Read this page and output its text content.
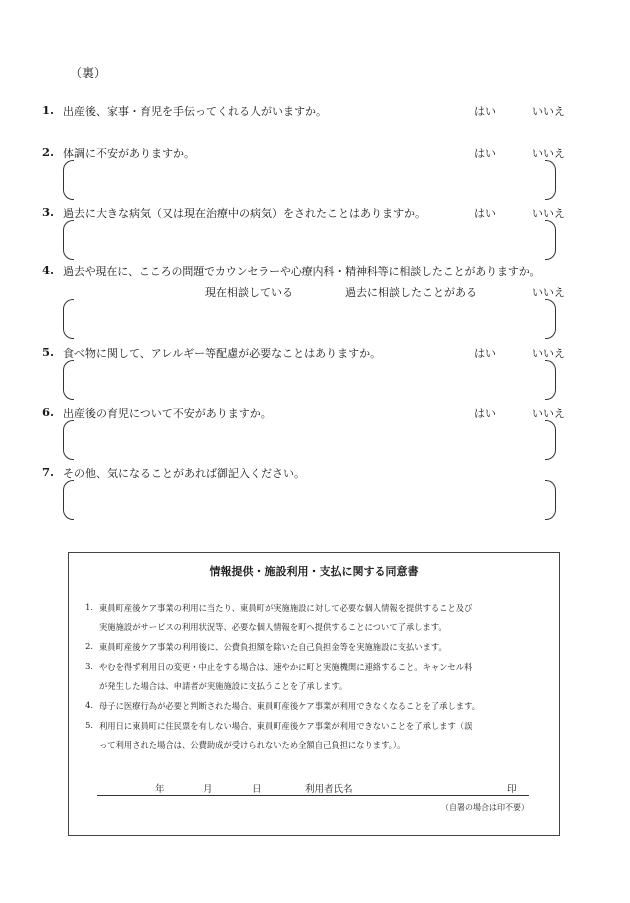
（裏）
1. 出産後、家事・育児を手伝ってくれる人がいますか。	はい	いいえ
2. 体調に不安がありますか。	はい	いいえ
3. 過去に大きな病気（又は現在治療中の病気）をされたことはありますか。	はい	いいえ
4. 過去や現在に、こころの問題でカウンセラーや心療内科・精神科等に相談したことがありますか。
現在相談している	過去に相談したことがある	いいえ
5. 食べ物に関して、アレルギー等配慮が必要なことはありますか。	はい	いいえ
6. 出産後の育児について不安がありますか。	はい	いいえ
7. その他、気になることがあれば御記入ください。
情報提供・施設利用・支払に関する同意書
1. 東員町産後ケア事業の利用に当たり、東員町が実施施設に対して必要な個人情報を提供すること及び
実施施設がサービスの利用状況等、必要な個人情報を町へ提供することについて了承します。
2. 東員町産後ケア事業の利用後に、公費負担額を除いた自己負担金等を実施施設に支払います。
3. やむを得ず利用日の変更・中止をする場合は、速やかに町と実施機関に連絡すること。キャンセル料
が発生した場合は、申請者が実施施設に支払うことを了承します。
4. 母子に医療行為が必要と判断された場合、東員町産後ケア事業が利用できなくなることを了承します。
5. 利用日に東員町に住民票を有しない場合、東員町産後ケア事業が利用できないことを了承します（誤
って利用された場合は、公費助成が受けられないため全額自己負担になります。）。
年	月	日	利用者氏名	印
（自署の場合は印不要）
